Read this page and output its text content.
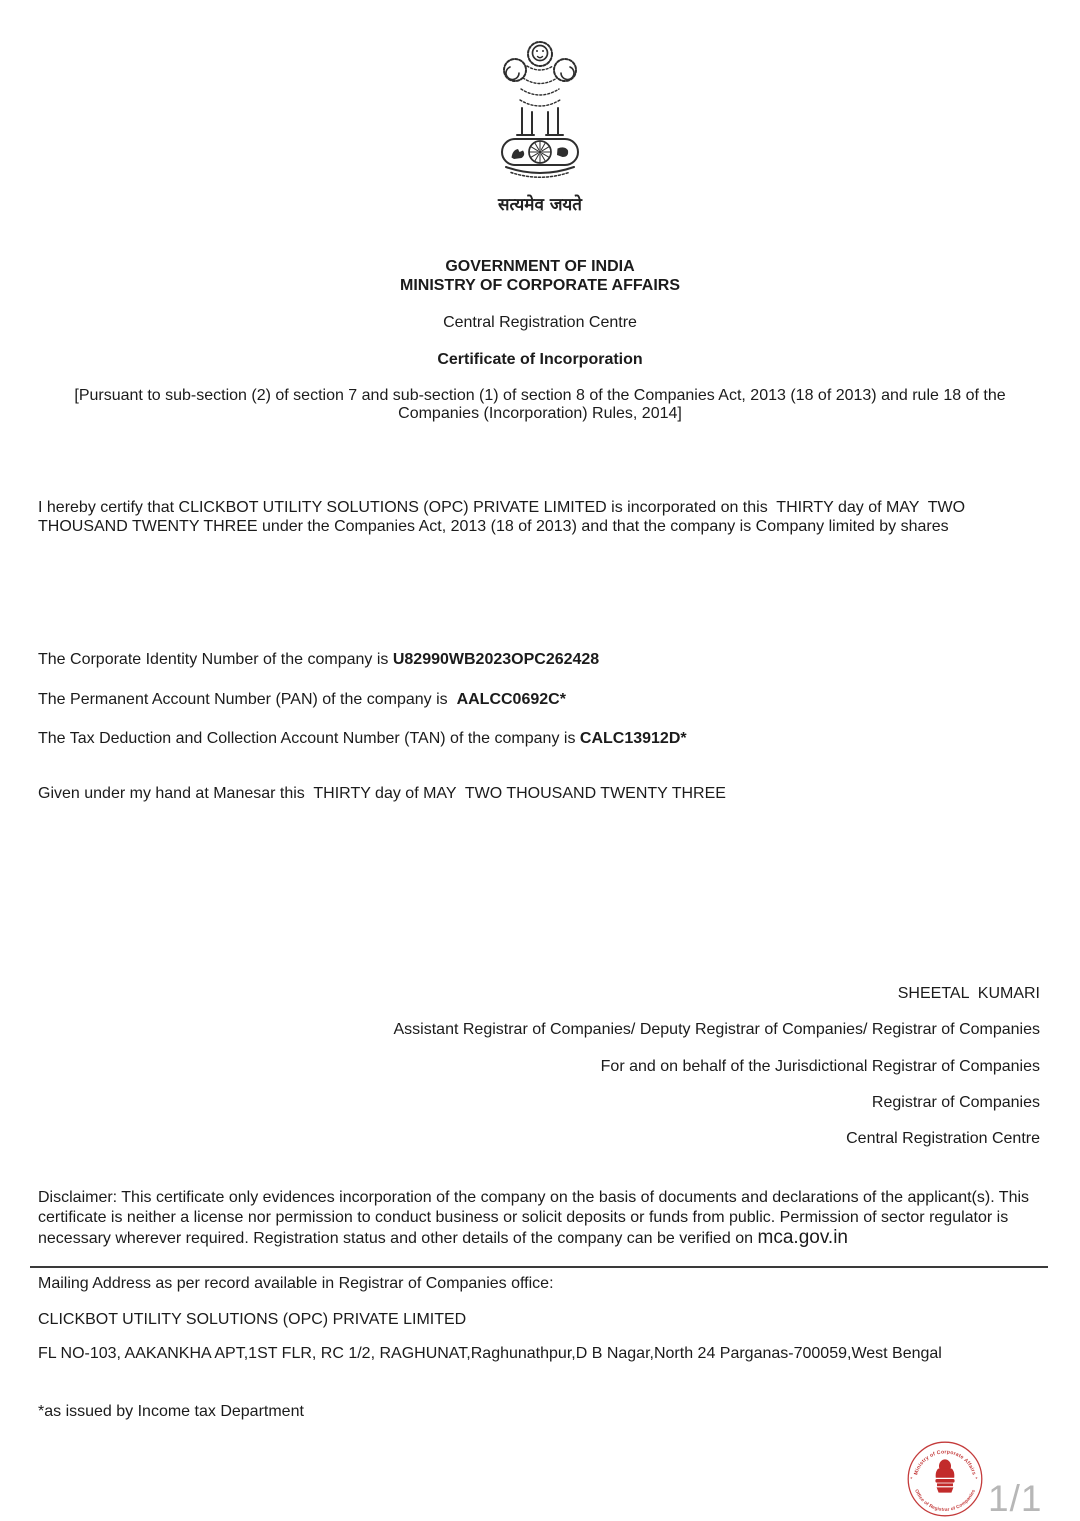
सत्यमेव जयते
GOVERNMENT OF INDIA
MINISTRY OF CORPORATE AFFAIRS
Central Registration Centre
Certificate of Incorporation
[Pursuant to sub-section (2) of section 7 and sub-section (1) of section 8 of the Companies Act, 2013 (18 of 2013) and rule 18 of the Companies (Incorporation) Rules, 2014]
I hereby certify that CLICKBOT UTILITY SOLUTIONS (OPC) PRIVATE LIMITED is incorporated on this  THIRTY day of MAY  TWO THOUSAND TWENTY THREE under the Companies Act, 2013 (18 of 2013) and that the company is Company limited by shares
The Corporate Identity Number of the company is U82990WB2023OPC262428
The Permanent Account Number (PAN) of the company is  AALCC0692C*
The Tax Deduction and Collection Account Number (TAN) of the company is CALC13912D*
Given under my hand at Manesar this  THIRTY day of MAY  TWO THOUSAND TWENTY THREE
SHEETAL  KUMARI
Assistant Registrar of Companies/ Deputy Registrar of Companies/ Registrar of Companies
For and on behalf of the Jurisdictional Registrar of Companies
Registrar of Companies
Central Registration Centre
Disclaimer: This certificate only evidences incorporation of the company on the basis of documents and declarations of the applicant(s). This certificate is neither a license nor permission to conduct business or solicit deposits or funds from public. Permission of sector regulator is necessary wherever required. Registration status and other details of the company can be verified on mca.gov.in
Mailing Address as per record available in Registrar of Companies office:
CLICKBOT UTILITY SOLUTIONS (OPC) PRIVATE LIMITED
FL NO-103, AAKANKHA APT,1ST FLR, RC 1/2, RAGHUNAT,Raghunathpur,D B Nagar,North 24 Parganas-700059,West Bengal
*as issued by Income tax Department
Ministry of Corporate Affairs
Office of Registrar of Companies
*	* 1/1
